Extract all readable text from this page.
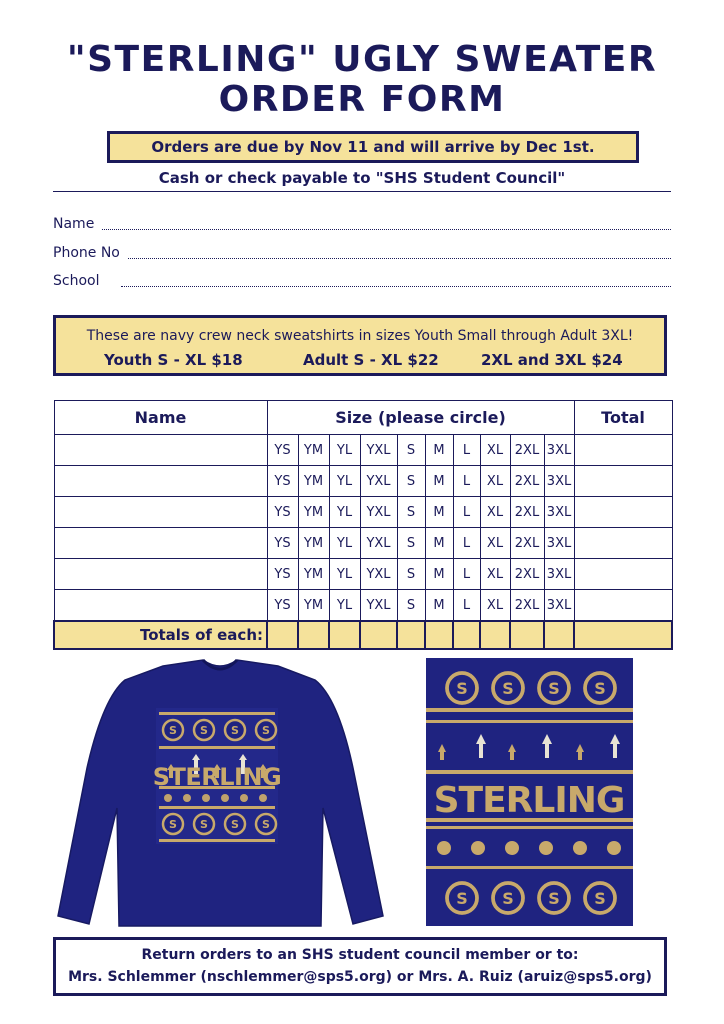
"STERLING" UGLY SWEATER
ORDER FORM
Orders are due by Nov 11 and will arrive by Dec 1st.
Cash or check payable to "SHS Student Council"
Name
Phone No
School
These are navy crew neck sweatshirts in sizes Youth Small through Adult 3XL!
Youth S - XL $18	Adult S - XL $22	2XL and 3XL $24
Name	Size (please circle)										Total
	YS	YM	YL	YXL	S	M	L	XL	2XL	3XL	
	YS	YM	YL	YXL	S	M	L	XL	2XL	3XL	
	YS	YM	YL	YXL	S	M	L	XL	2XL	3XL	
	YS	YM	YL	YXL	S	M	L	XL	2XL	3XL	
	YS	YM	YL	YXL	S	M	L	XL	2XL	3XL	
	YS	YM	YL	YXL	S	M	L	XL	2XL	3XL	
Totals of each:											
S S S S
S S S S
STERLING
S S S S
S S S S
STERLING
Return orders to an SHS student council member or to:
Mrs. Schlemmer (nschlemmer@sps5.org) or Mrs. A. Ruiz (aruiz@sps5.org)
